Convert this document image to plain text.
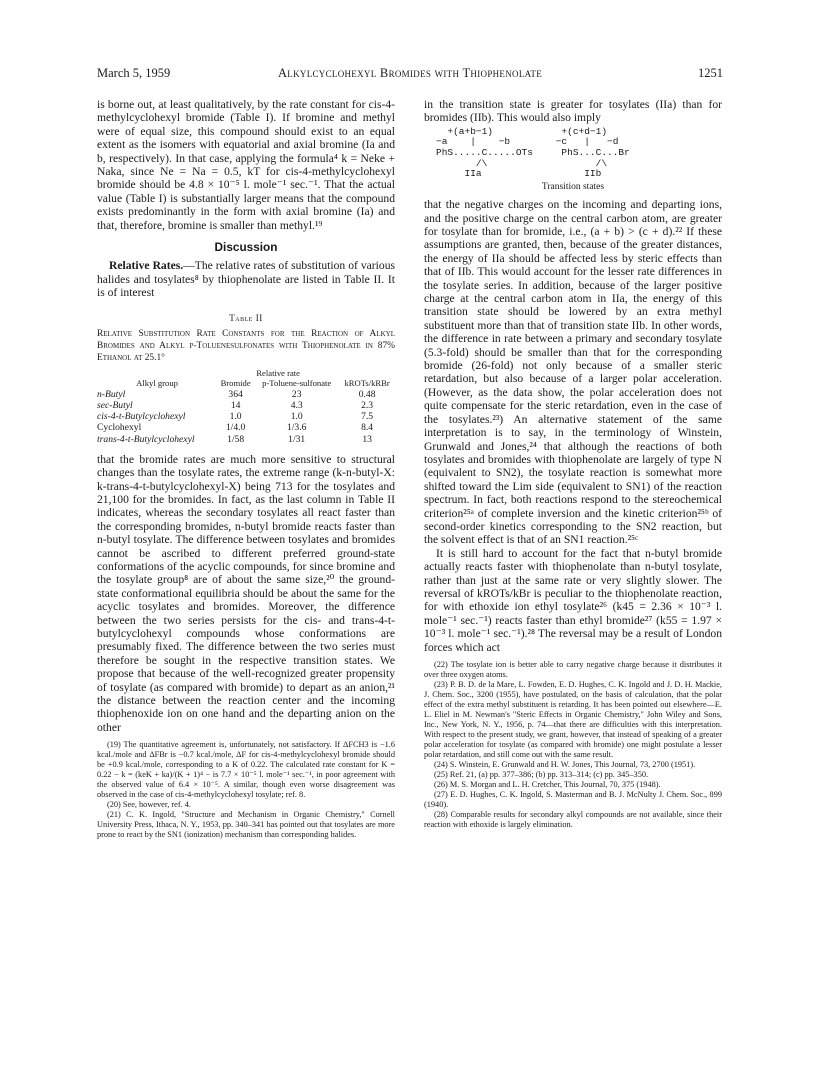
March 5, 1959	Alkylcyclohexyl Bromides with Thiophenolate	1251

is borne out, at least qualitatively, by the rate constant for cis-4-methylcyclohexyl bromide (Table I). If bromine and methyl were of equal size, this compound should exist to an equal extent as the isomers with equatorial and axial bromine (Ia and b, respectively). In that case, applying the formula⁴ k = Neke + Naka, since Ne = Na = 0.5, kT for cis-4-methylcyclohexyl bromide should be 4.8 × 10⁻⁵ l. mole⁻¹ sec.⁻¹. That the actual value (Table I) is substantially larger means that the compound exists predominantly in the form with axial bromine (Ia) and that, therefore, bromine is smaller than methyl.¹⁹

Discussion

Relative Rates.—The relative rates of substitution of various halides and tosylates⁸ by thiophenolate are listed in Table II. It is of interest

Table II
Relative Substitution Rate Constants for the Reaction of Alkyl Bromides and Alkyl p-Toluenesulfonates with Thiophenolate in 87% Ethanol at 25.1°
	Relative rate		
Alkyl group	Bromide	p-Toluene-sulfonate	kROTs/kRBr
n-Butyl	364	23	0.48
sec-Butyl	14	4.3	2.3
cis-4-t-Butylcyclohexyl	1.0	1.0	7.5
Cyclohexyl	1/4.0	1/3.6	8.4
trans-4-t-Butylcyclohexyl	1/58	1/31	13

that the bromide rates are much more sensitive to structural changes than the tosylate rates, the extreme range (k-n-butyl-X: k-trans-4-t-butylcyclohexyl-X) being 713 for the tosylates and 21,100 for the bromides. In fact, as the last column in Table II indicates, whereas the secondary tosylates all react faster than the corresponding bromides, n-butyl bromide reacts faster than n-butyl tosylate. The difference between tosylates and bromides cannot be ascribed to different preferred ground-state conformations of the acyclic compounds, for since bromine and the tosylate group⁸ are of about the same size,²⁰ the ground-state conformational equilibria should be about the same for the acyclic tosylates and bromides. Moreover, the difference between the two series persists for the cis- and trans-4-t-butylcyclohexyl compounds whose conformations are presumably fixed. The difference between the two series must therefore be sought in the respective transition states. We propose that because of the well-recognized greater propensity of tosylate (as compared with bromide) to depart as an anion,²¹ the distance between the reaction center and the incoming thiophenoxide ion on one hand and the departing anion on the other

(19) The quantitative agreement is, unfortunately, not satisfactory. If ΔFCH3 is −1.6 kcal./mole and ΔFBr is −0.7 kcal./mole, ΔF for cis-4-methylcyclohexyl bromide should be +0.9 kcal./mole, corresponding to a K of 0.22. The calculated rate constant for K = 0.22 − k = (keK + ka)/(K + 1)⁴ − is 7.7 × 10⁻⁵ l. mole⁻¹ sec.⁻¹, in poor agreement with the observed value of 6.4 × 10⁻⁵. A similar, though even worse disagreement was observed in the case of cis-4-methylcyclohexyl tosylate; ref. 8.

(20) See, however, ref. 4.

(21) C. K. Ingold, "Structure and Mechanism in Organic Chemistry," Cornell University Press, Ithaca, N. Y., 1953, pp. 340–341 has pointed out that tosylates are more prone to react by the SN1 (ionization) mechanism than corresponding halides.

in the transition state is greater for tosylates (IIa) than for bromides (IIb). This would also imply

+(a+b−1)            +(c+d−1)
−a    |    −b        −c   |   −d
PhS.....C.....OTs     PhS...C...Br
/\                   /\
IIa                  IIb
Transition states

that the negative charges on the incoming and departing ions, and the positive charge on the central carbon atom, are greater for tosylate than for bromide, i.e., (a + b) > (c + d).²² If these assumptions are granted, then, because of the greater distances, the energy of IIa should be affected less by steric effects than that of IIb. This would account for the lesser rate differences in the tosylate series. In addition, because of the larger positive charge at the central carbon atom in IIa, the energy of this transition state should be lowered by an extra methyl substituent more than that of transition state IIb. In other words, the difference in rate between a primary and secondary tosylate (5.3-fold) should be smaller than that for the corresponding bromide (26-fold) not only because of a smaller steric retardation, but also because of a larger polar acceleration. (However, as the data show, the polar acceleration does not quite compensate for the steric retardation, even in the case of the tosylates.²³) An alternative statement of the same interpretation is to say, in the terminology of Winstein, Grunwald and Jones,²⁴ that although the reactions of both tosylates and bromides with thiophenolate are largely of type N (equivalent to SN2), the tosylate reaction is somewhat more shifted toward the Lim side (equivalent to SN1) of the reaction spectrum. In fact, both reactions respond to the stereochemical criterion²⁵ᵃ of complete inversion and the kinetic criterion²⁵ᵇ of second-order kinetics corresponding to the SN2 reaction, but the solvent effect is that of an SN1 reaction.²⁵ᶜ

It is still hard to account for the fact that n-butyl bromide actually reacts faster with thiophenolate than n-butyl tosylate, rather than just at the same rate or very slightly slower. The reversal of kROTs/kBr is peculiar to the thiophenolate reaction, for with ethoxide ion ethyl tosylate²⁶ (k45 = 2.36 × 10⁻³ l. mole⁻¹ sec.⁻¹) reacts faster than ethyl bromide²⁷ (k55 = 1.97 × 10⁻³ l. mole⁻¹ sec.⁻¹).²⁸ The reversal may be a result of London forces which act

(22) The tosylate ion is better able to carry negative charge because it distributes it over three oxygen atoms.

(23) P. B. D. de la Mare, L. Fowden, E. D. Hughes, C. K. Ingold and J. D. H. Mackie, J. Chem. Soc., 3200 (1955), have postulated, on the basis of calculation, that the polar effect of the extra methyl substituent is retarding. It has been pointed out elsewhere—E. L. Eliel in M. Newman's "Steric Effects in Organic Chemistry," John Wiley and Sons, Inc., New York, N. Y., 1956, p. 74—that there are difficulties with this interpretation. With respect to the present study, we grant, however, that instead of speaking of a greater polar acceleration for tosylate (as compared with bromide) one might postulate a lesser polar retardation, and still come out with the same result.

(24) S. Winstein, E. Grunwald and H. W. Jones, This Journal, 73, 2700 (1951).

(25) Ref. 21, (a) pp. 377–386; (b) pp. 313–314; (c) pp. 345–350.

(26) M. S. Morgan and L. H. Cretcher, This Journal, 70, 375 (1948).

(27) E. D. Hughes, C. K. Ingold, S. Masterman and B. J. McNulty J. Chem. Soc., 899 (1940).

(28) Comparable results for secondary alkyl compounds are not available, since their reaction with ethoxide is largely elimination.
